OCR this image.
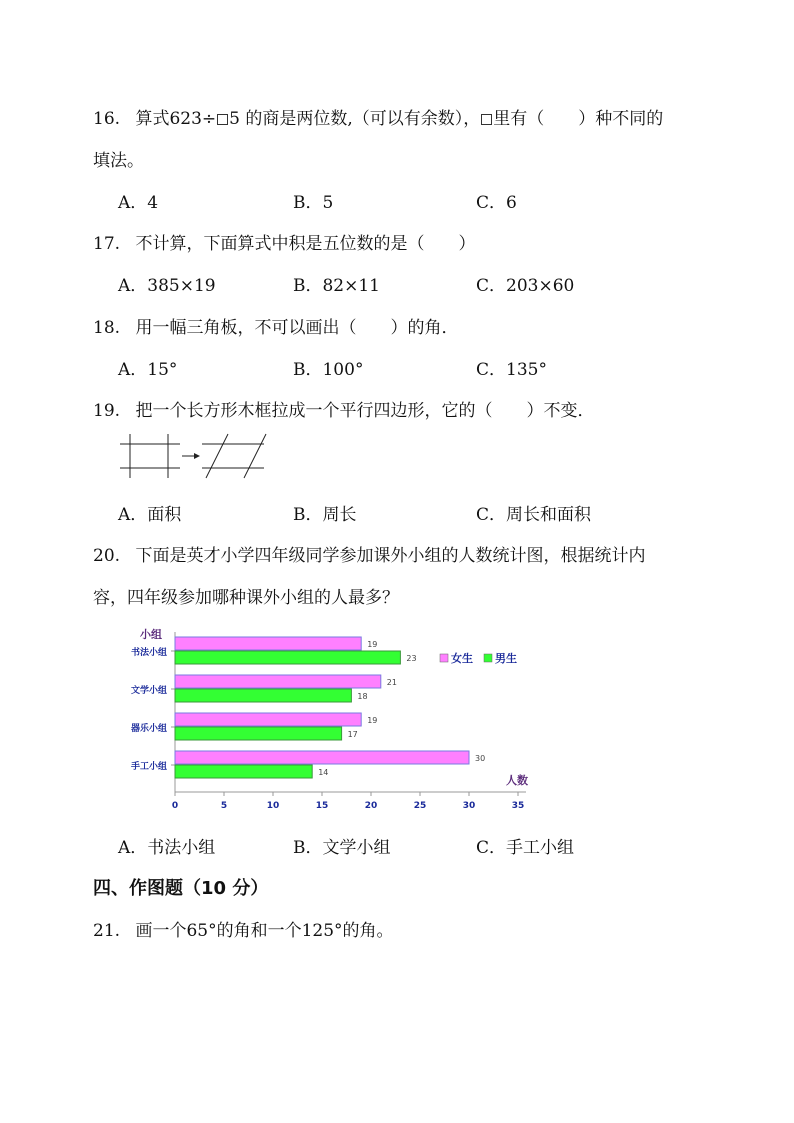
16. 算式623÷ 5 的商是两位数,（可以有余数）， 里有（　　）种不同的
填法。
A．4	B．5	C．6
17. 不计算，下面算式中积是五位数的是（　　）
A．385×19	B．82×11	C．203×60
18. 用一幅三角板，不可以画出（　　）的角．
A．15°	B．100°	C．135°
19. 把一个长方形木框拉成一个平行四边形，它的（　　）不变．
A．面积	B．周长	C．周长和面积
20. 下面是英才小学四年级同学参加课外小组的人数统计图，根据统计内
容，四年级参加哪种课外小组的人最多？
小组
人数
0	5	10	15	20	25	30	35
书法小组
19
23
文学小组
21
18
器乐小组
19
17
手工小组
30
14
女生 男生
A．书法小组	B．文学小组	C．手工小组
四、作图题（10 分）
21. 画一个65°的角和一个125°的角。
